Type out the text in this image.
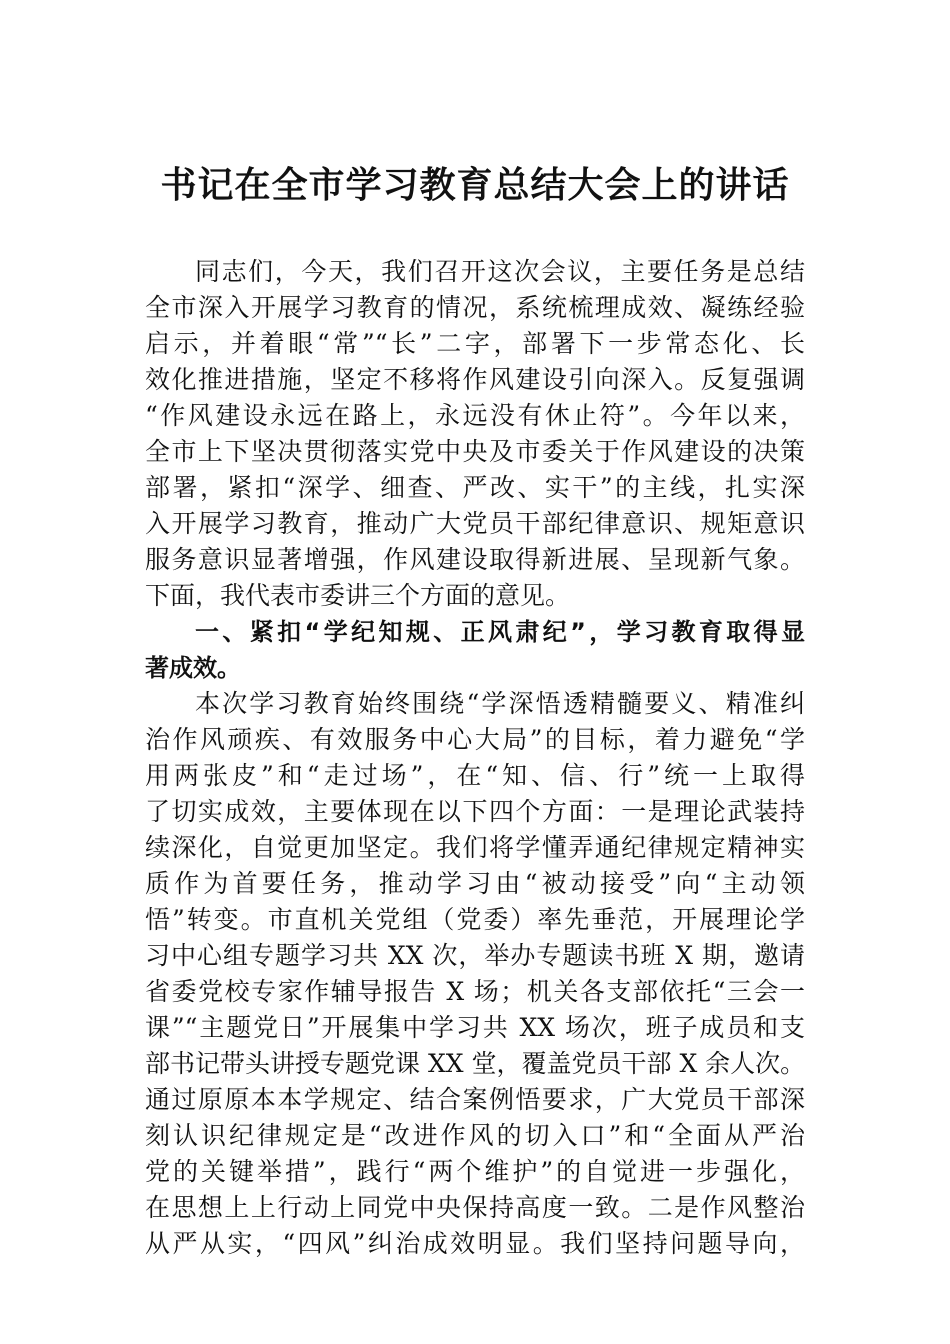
书记在全市学习教育总结大会上的讲话
同志们，今天，我们召开这次会议，主要任务是总结
全市深入开展学习教育的情况，系统梳理成效、凝练经验
启示，并着眼“常”“长”二字，部署下一步常态化、长
效化推进措施，坚定不移将作风建设引向深入。反复强调
“作风建设永远在路上，永远没有休止符”。今年以来，
全市上下坚决贯彻落实党中央及市委关于作风建设的决策
部署，紧扣“深学、细查、严改、实干”的主线，扎实深
入开展学习教育，推动广大党员干部纪律意识、规矩意识
服务意识显著增强，作风建设取得新进展、呈现新气象。
下面，我代表市委讲三个方面的意见。
一、紧扣“学纪知规、正风肃纪”，学习教育取得显
著成效。
本次学习教育始终围绕“学深悟透精髓要义、精准纠
治作风顽疾、有效服务中心大局”的目标，着力避免“学
用两张皮”和“走过场”，在“知、信、行”统一上取得
了切实成效，主要体现在以下四个方面：一是理论武装持
续深化，自觉更加坚定。我们将学懂弄通纪律规定精神实
质作为首要任务，推动学习由“被动接受”向“主动领
悟”转变。市直机关党组（党委）率先垂范，开展理论学
习中心组专题学习共 XX 次，举办专题读书班 X 期，邀请
省委党校专家作辅导报告 X 场；机关各支部依托“三会一
课”“主题党日”开展集中学习共 XX 场次，班子成员和支
部书记带头讲授专题党课 XX 堂，覆盖党员干部 X 余人次。
通过原原本本学规定、结合案例悟要求，广大党员干部深
刻认识纪律规定是“改进作风的切入口”和“全面从严治
党的关键举措”，践行“两个维护”的自觉进一步强化，
在思想上上行动上同党中央保持高度一致。二是作风整治
从严从实，“四风”纠治成效明显。我们坚持问题导向，
